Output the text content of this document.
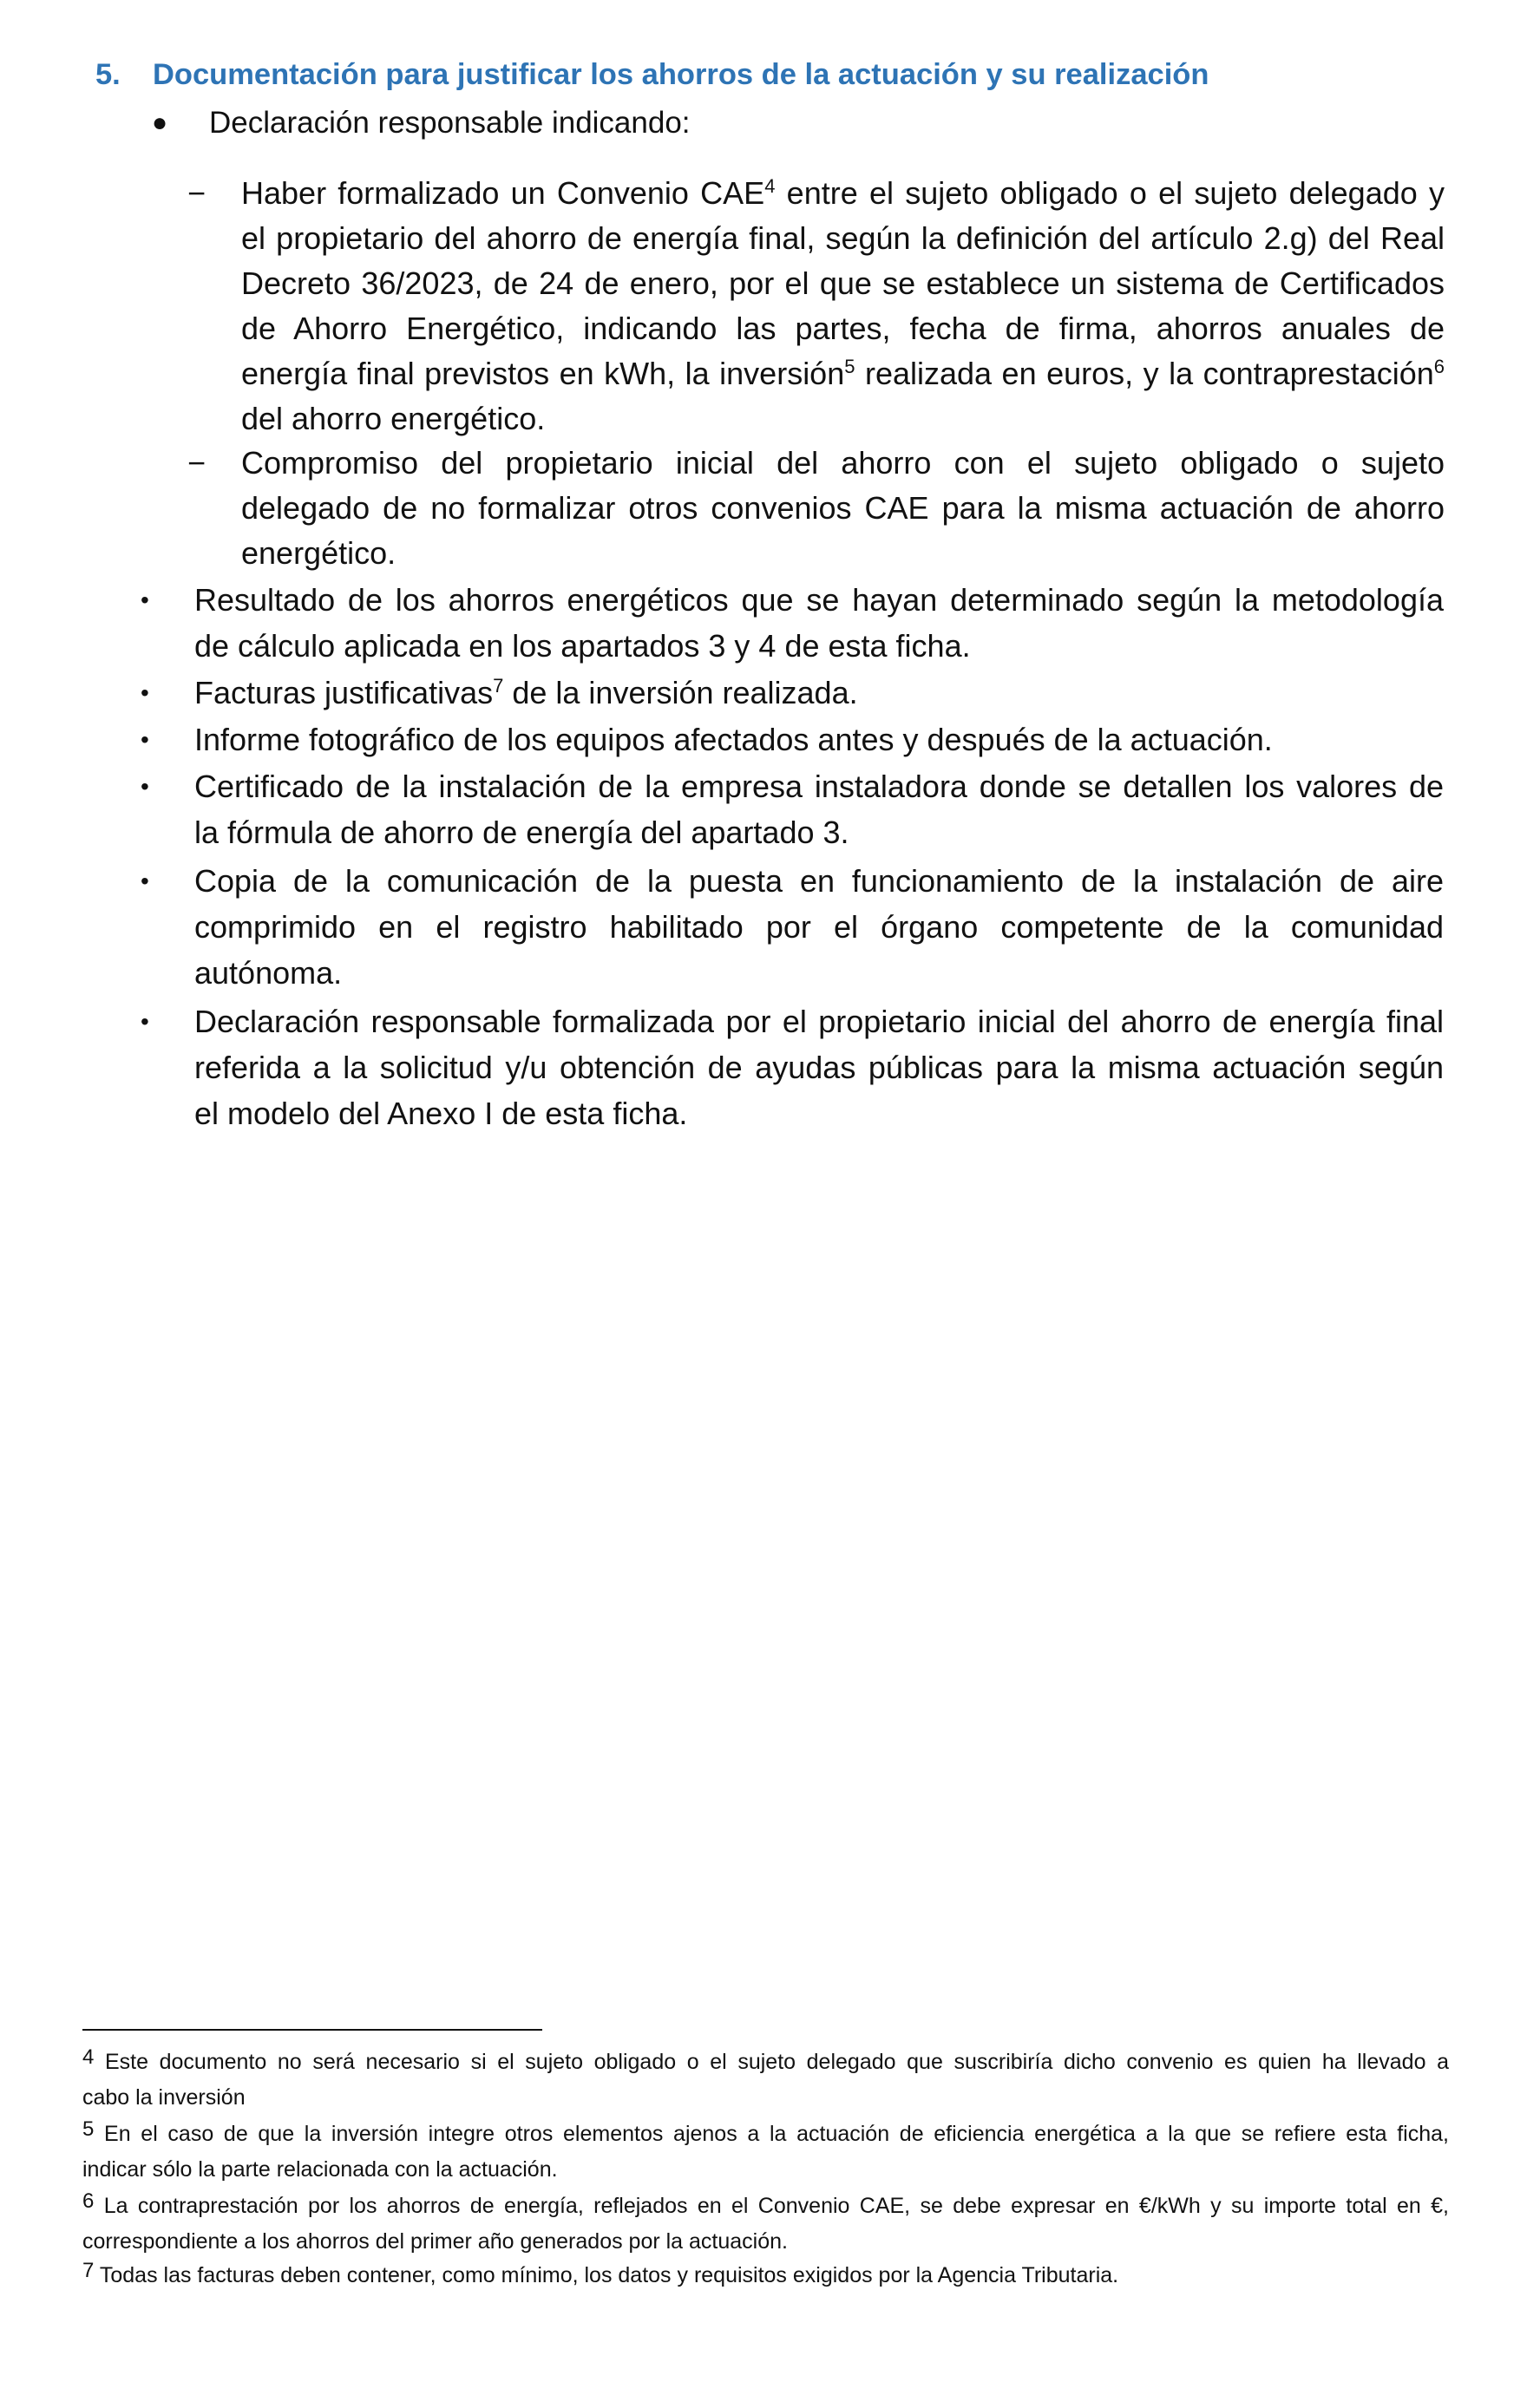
5. Documentación para justificar los ahorros de la actuación y su realización
● Declaración responsable indicando:
− Haber formalizado un Convenio CAE$^4$ entre el sujeto obligado o el sujeto delegado y
el propietario del ahorro de energía final, según la definición del artículo 2.g) del Real
Decreto 36/2023, de 24 de enero, por el que se establece un sistema de Certificados
de Ahorro Energético, indicando las partes, fecha de firma, ahorros anuales de
energía final previstos en kWh, la inversión$^5$ realizada en euros, y la contraprestación$^6$
del ahorro energético.
− Compromiso del propietario inicial del ahorro con el sujeto obligado o sujeto
delegado de no formalizar otros convenios CAE para la misma actuación de ahorro
energético.
• Resultado de los ahorros energéticos que se hayan determinado según la metodología
de cálculo aplicada en los apartados 3 y 4 de esta ficha.
• Facturas justificativas$^7$ de la inversión realizada.
• Informe fotográfico de los equipos afectados antes y después de la actuación.
• Certificado de la instalación de la empresa instaladora donde se detallen los valores de
la fórmula de ahorro de energía del apartado 3.
• Copia de la comunicación de la puesta en funcionamiento de la instalación de aire
comprimido en el registro habilitado por el órgano competente de la comunidad
autónoma.
• Declaración responsable formalizada por el propietario inicial del ahorro de energía final
referida a la solicitud y/u obtención de ayudas públicas para la misma actuación según
el modelo del Anexo I de esta ficha.
4 Este documento no será necesario si el sujeto obligado o el sujeto delegado que suscribiría dicho convenio es quien ha llevado a
cabo la inversión
5 En el caso de que la inversión integre otros elementos ajenos a la actuación de eficiencia energética a la que se refiere esta ficha,
indicar sólo la parte relacionada con la actuación.
6 La contraprestación por los ahorros de energía, reflejados en el Convenio CAE, se debe expresar en €/kWh y su importe total en €,
correspondiente a los ahorros del primer año generados por la actuación.
7 Todas las facturas deben contener, como mínimo, los datos y requisitos exigidos por la Agencia Tributaria.
